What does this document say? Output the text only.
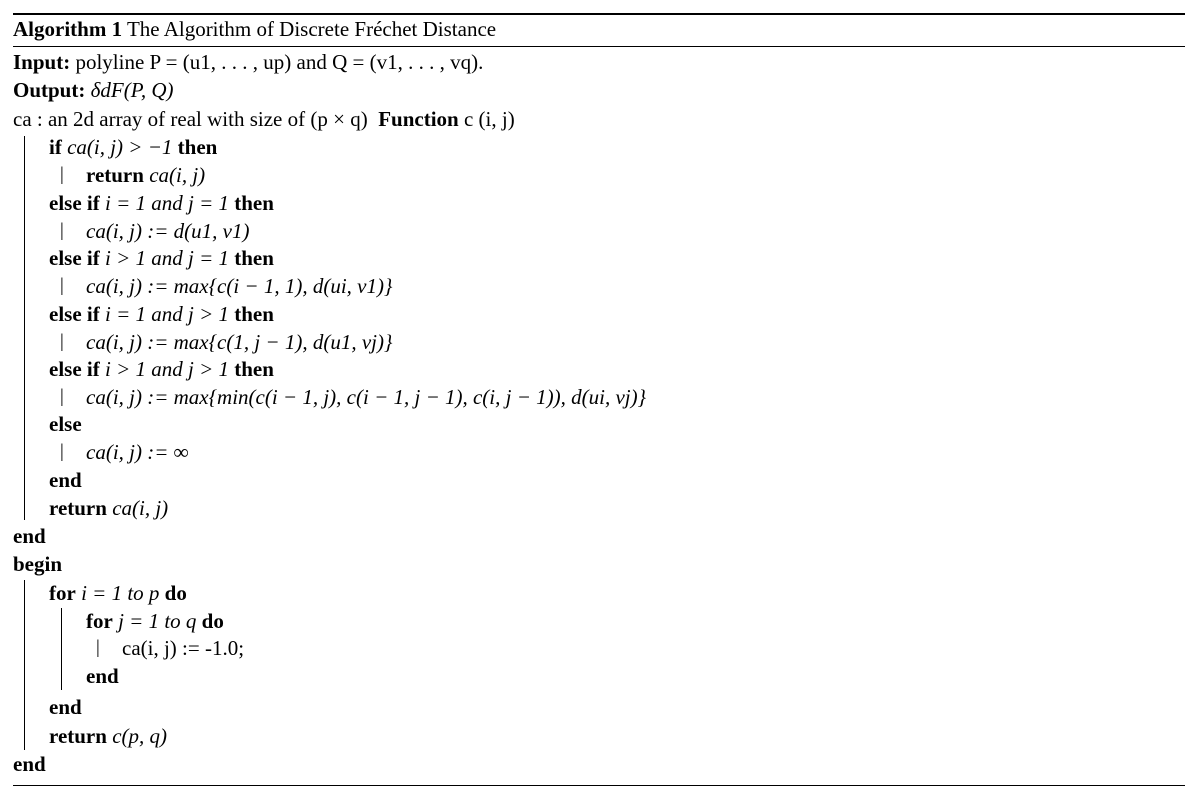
Algorithm 1 The Algorithm of Discrete Fréchet Distance
Input: polyline P = (u1, . . . , up) and Q = (v1, . . . , vq).
Output: δdF(P, Q)
ca : an 2d array of real with size of (p × q) Function c (i, j)
if ca(i, j) > −1 then
| return ca(i, j)
else if i = 1 and j = 1 then
| ca(i, j) := d(u1, v1)
else if i > 1 and j = 1 then
| ca(i, j) := max{c(i − 1, 1), d(ui, v1)}
else if i = 1 and j > 1 then
| ca(i, j) := max{c(1, j − 1), d(u1, vj)}
else if i > 1 and j > 1 then
| ca(i, j) := max{min(c(i − 1, j), c(i − 1, j − 1), c(i, j − 1)), d(ui, vj)}
else
| ca(i, j) := ∞
end
return ca(i, j)
end
begin
for i = 1 to p do
for j = 1 to q do
| ca(i, j) := -1.0;
end
end
return c(p, q)
end
